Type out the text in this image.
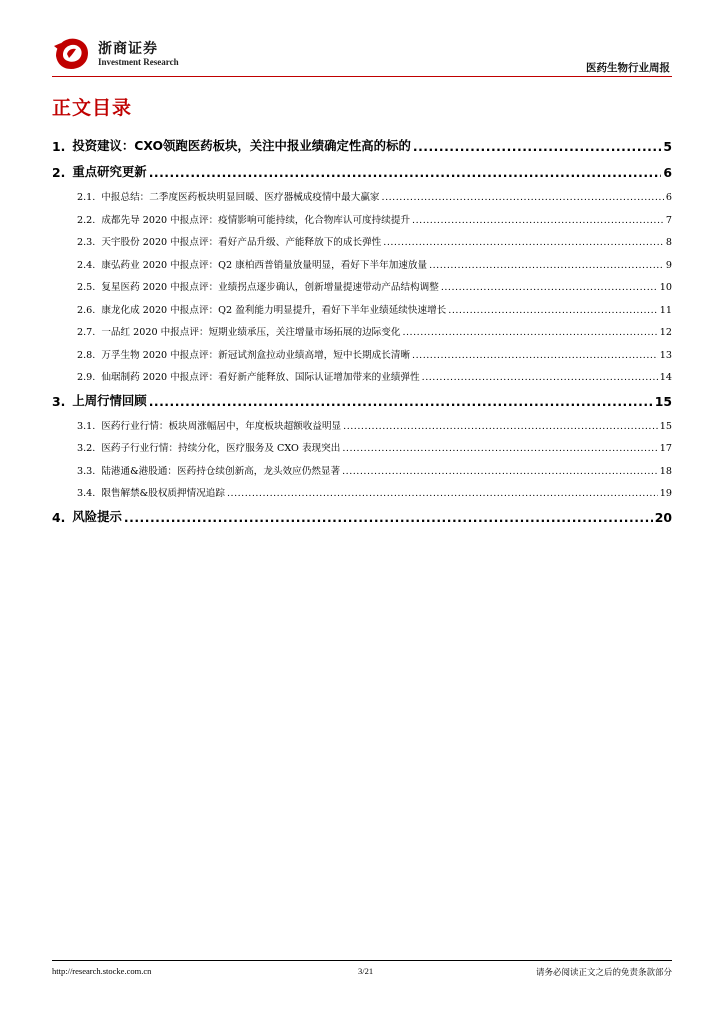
浙商证券
Investment Research	医药生物行业周报
正文目录
1. 投资建议：CXO领跑医药板块，关注中报业绩确定性高的标的 .....	5
2. 重点研究更新 .....	6
2.1. 中报总结：二季度医药板块明显回暖、医疗器械成疫情中最大赢家 .....	6
2.2. 成都先导 2020 中报点评：疫情影响可能持续，化合物库认可度持续提升 .....	7
2.3. 天宇股份 2020 中报点评：看好产品升级、产能释放下的成长弹性 .....	8
2.4. 康弘药业 2020 中报点评：Q2 康柏西普销量放量明显，看好下半年加速放量 .....	9
2.5. 复星医药 2020 中报点评：业绩拐点逐步确认，创新增量提速带动产品结构调整 .....	10
2.6. 康龙化成 2020 中报点评：Q2 盈利能力明显提升，看好下半年业绩延续快速增长 .....	11
2.7. 一品红 2020 中报点评：短期业绩承压，关注增量市场拓展的边际变化 .....	12
2.8. 万孚生物 2020 中报点评：新冠试剂盒拉动业绩高增，短中长期成长清晰 .....	13
2.9. 仙琚制药 2020 中报点评：看好新产能释放、国际认证增加带来的业绩弹性 .....	14
3. 上周行情回顾 .....	15
3.1. 医药行业行情：板块周涨幅居中，年度板块超额收益明显 .....	15
3.2. 医药子行业行情：持续分化，医疗服务及 CXO 表现突出 .....	17
3.3. 陆港通&港股通：医药持仓续创新高，龙头效应仍然显著 .....	18
3.4. 限售解禁&股权质押情况追踪 .....	19
4. 风险提示 .....	20
http://research.stocke.com.cn	3/21	请务必阅读正文之后的免责条款部分
